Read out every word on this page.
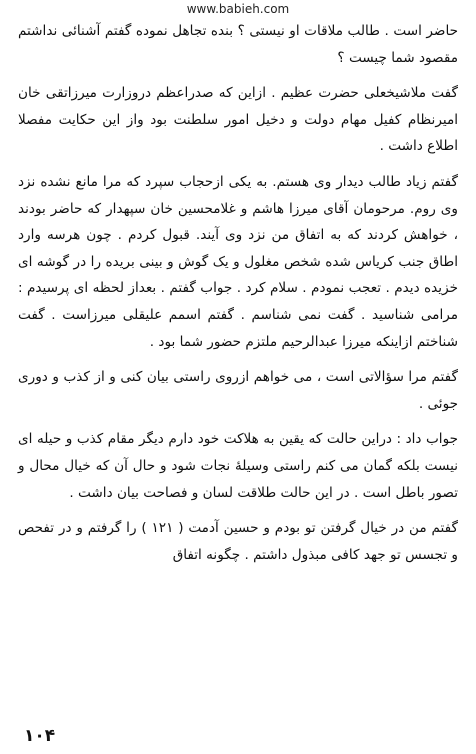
www.babieh.com

حاضر است . طالب ملاقات او نیستی ؟ بنده تجاهل نموده گفتم آشنائی نداشتم مقصود شما چیست ؟

گفت ملاشیخعلی حضرت عظیم . ازاین که صدراعظم دروزارت میرزاتقی خان امیرنظام کفیل مهام دولت و دخیل امور سلطنت بود واز این حکایت مفصلا اطلاع داشت .

گفتم زیاد طالب دیدار وی هستم. به یکی ازحجاب سپرد که مرا مانع نشده نزد وی روم. مرحومان آقای میرزا هاشم و غلامحسین خان سپهدار که حاضر بودند ، خواهش کردند که به اتفاق من نزد وی آیند. قبول کردم . چون هرسه وارد اطاق جنب کریاس شده شخص مغلول و یک گوش و بینی بریده را در گوشه ای خزیده دیدم . تعجب نمودم . سلام کرد . جواب گفتم . بعداز لحظه ای پرسیدم : مرامی شناسید . گفت نمی شناسم . گفتم اسمم علیقلی میرزاست . گفت شناختم ازاینکه میرزا عبدالرحیم ملتزم حضور شما بود .

گفتم مرا سؤالاتی است ، می خواهم ازروی راستی بیان کنی و از کذب و دوری جوئی .

جواب داد : دراین حالت که یقین به هلاکت خود دارم دیگر مقام کذب و حیله ای نیست بلکه گمان می کنم راستی وسیلهٔ نجات شود و حال آن که خیال محال و تصور باطل است . در این حالت طلاقت لسان و فصاحت بیان داشت .

گفتم من در خیال گرفتن تو بودم و حسین آدمت ( ۱۲۱ ) را گرفتم و در تفحص و تجسس تو جهد کافی مبذول داشتم . چگونه اتفاق

۱۰۴
